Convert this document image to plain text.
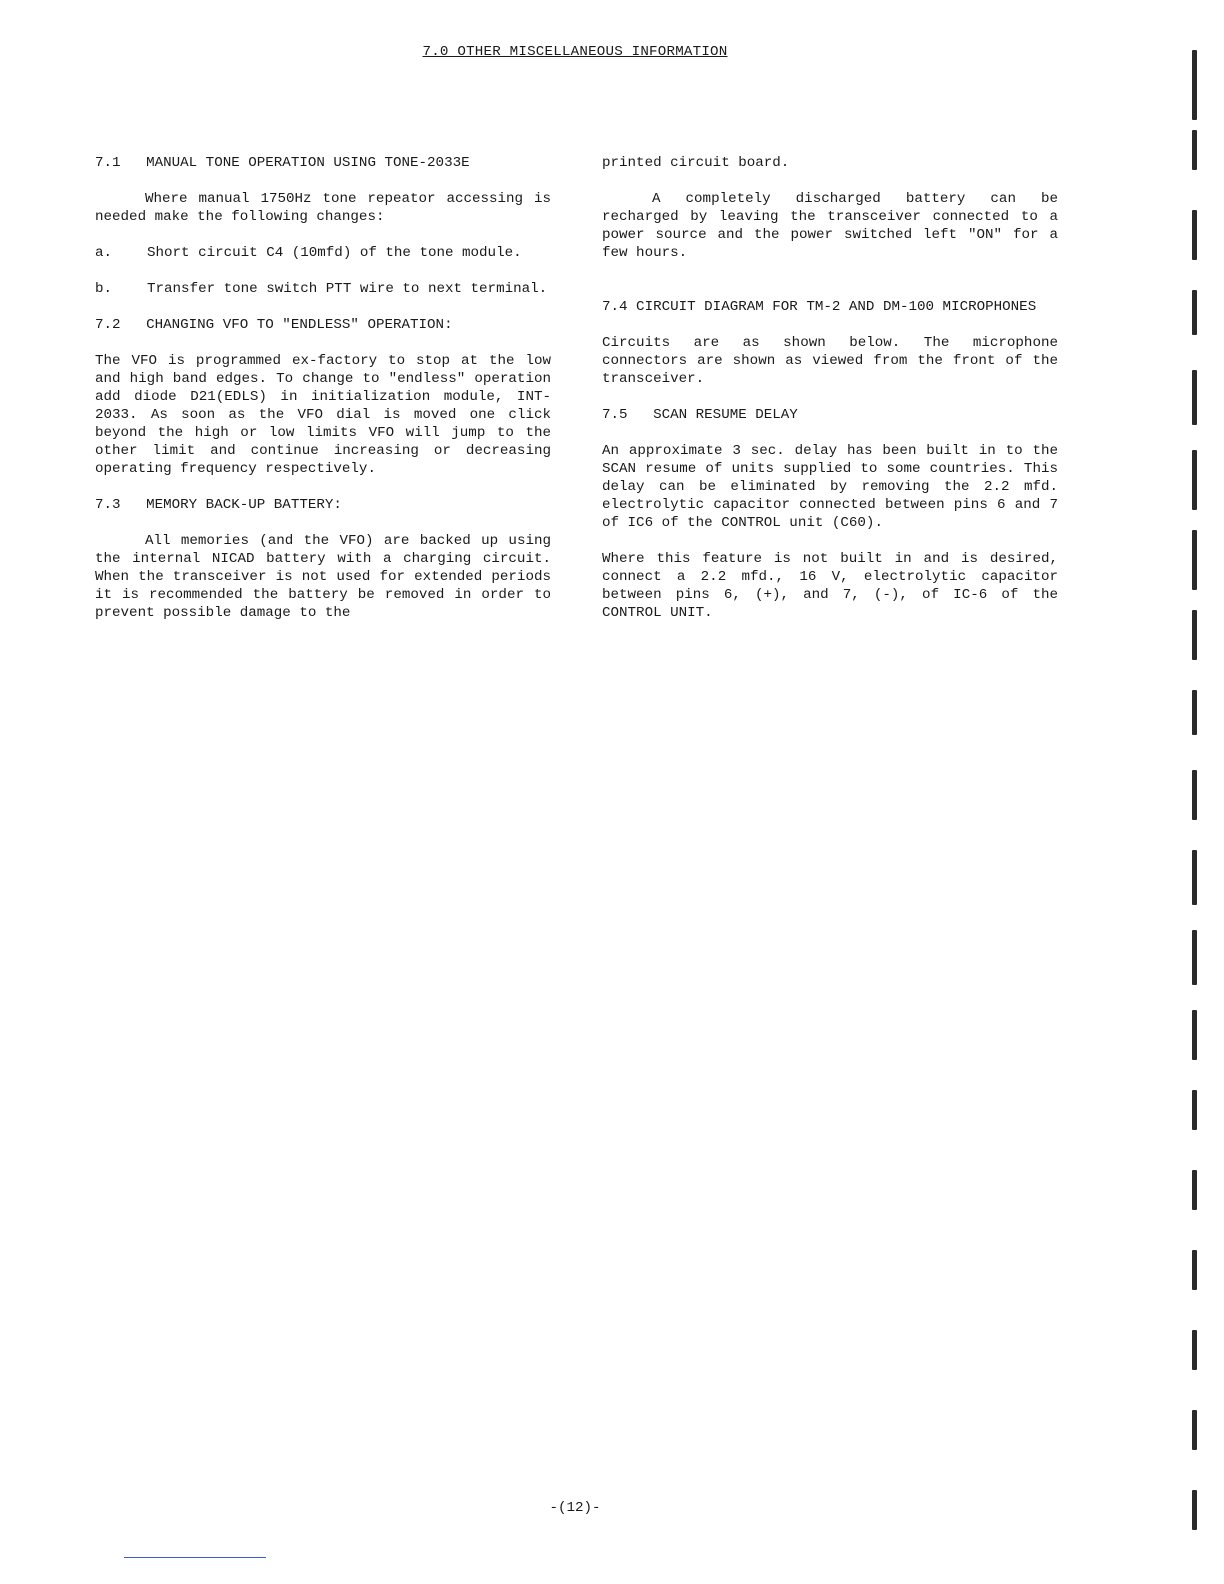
7.0 OTHER MISCELLANEOUS INFORMATION
7.1   MANUAL TONE OPERATION USING TONE-2033E

Where manual 1750Hz tone repeator accessing is needed make the following changes:

a.	Short circuit C4 (10mfd) of the tone module.
b.	Transfer tone switch PTT wire to next terminal.
7.2   CHANGING VFO TO "ENDLESS" OPERATION:

The VFO is programmed ex-factory to stop at the low and high band edges. To change to "endless" operation add diode D21(EDLS) in initialization module, INT-2033. As soon as the VFO dial is moved one click beyond the high or low limits VFO will jump to the other limit and continue increasing or decreasing operating frequency respectively.

7.3   MEMORY BACK-UP BATTERY:

All memories (and the VFO) are backed up using the internal NICAD battery with a charging circuit. When the transceiver is not used for extended periods it is recommended the battery be removed in order to prevent possible damage to the

printed circuit board.

A completely discharged battery can be recharged by leaving the transceiver connected to a power source and the power switched left "ON" for a few hours.

7.4 CIRCUIT DIAGRAM FOR TM-2 AND DM-100 MICROPHONES

Circuits are as shown below. The microphone connectors are shown as viewed from the front of the transceiver.

7.5   SCAN RESUME DELAY

An approximate 3 sec. delay has been built in to the SCAN resume of units supplied to some countries. This delay can be eliminated by removing the 2.2 mfd. electrolytic capacitor connected between pins 6 and 7 of IC6 of the CONTROL unit (C60).

Where this feature is not built in and is desired, connect a 2.2 mfd., 16 V, electrolytic capacitor between pins 6, (+), and 7, (-), of IC-6 of the CONTROL UNIT.

-(12)-
